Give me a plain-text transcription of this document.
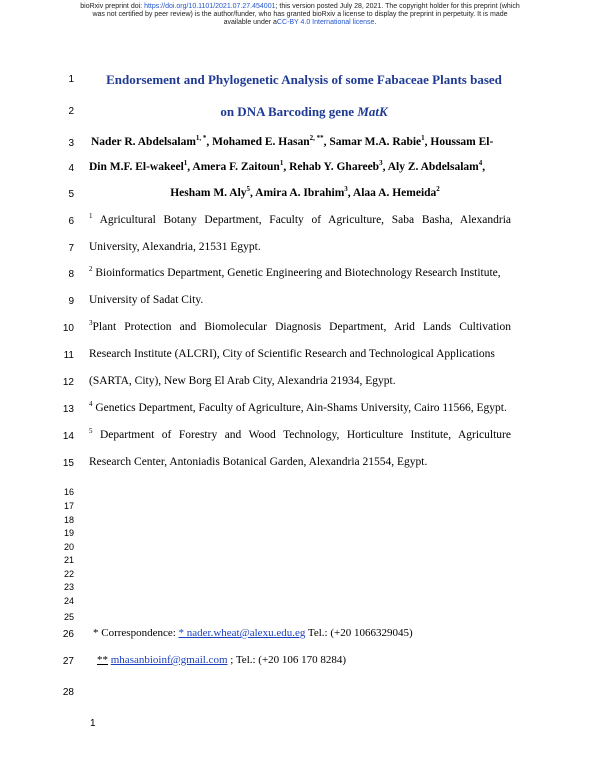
bioRxiv preprint doi: https://doi.org/10.1101/2021.07.27.454001; this version posted July 28, 2021. The copyright holder for this preprint (which
was not certified by peer review) is the author/funder, who has granted bioRxiv a license to display the preprint in perpetuity. It is made
available under aCC-BY 4.0 International license.
1
2
3
4
5
6
7
8
9
10
11
12
13
14
15
16
17
18
19
20
21
22
23
24
25
26
27
28
Endorsement and Phylogenetic Analysis of some Fabaceae Plants based
on DNA Barcoding gene MatK
Nader R. Abdelsalam$^{1, *}$, Mohamed E. Hasan$^{2, **}$, Samar M.A. Rabie$^1$, Houssam El-
Din M.F. El-wakeel$^1$, Amera F. Zaitoun$^1$, Rehab Y. Ghareeb$^3$, Aly Z. Abdelsalam$^4$,
Hesham M. Aly$^5$, Amira A. Ibrahim$^3$, Alaa A. Hemeida$^2$
$^1$ Agricultural Botany Department, Faculty of Agriculture, Saba Basha, Alexandria
University, Alexandria, 21531 Egypt.
$^2$ Bioinformatics Department, Genetic Engineering and Biotechnology Research Institute,
University of Sadat City.
$^3$Plant Protection and Biomolecular Diagnosis Department, Arid Lands Cultivation
Research Institute (ALCRI), City of Scientific Research and Technological Applications
(SARTA, City), New Borg El Arab City, Alexandria 21934, Egypt.
$^4$ Genetics Department, Faculty of Agriculture, Ain-Shams University, Cairo 11566, Egypt.
$^5$ Department of Forestry and Wood Technology, Horticulture Institute, Agriculture
Research Center, Antoniadis Botanical Garden, Alexandria 21554, Egypt.
* Correspondence: * nader.wheat@alexu.edu.eg Tel.: (+20 1066329045)
** mhasanbioinf@gmail.com ; Tel.: (+20 106 170 8284)
1
